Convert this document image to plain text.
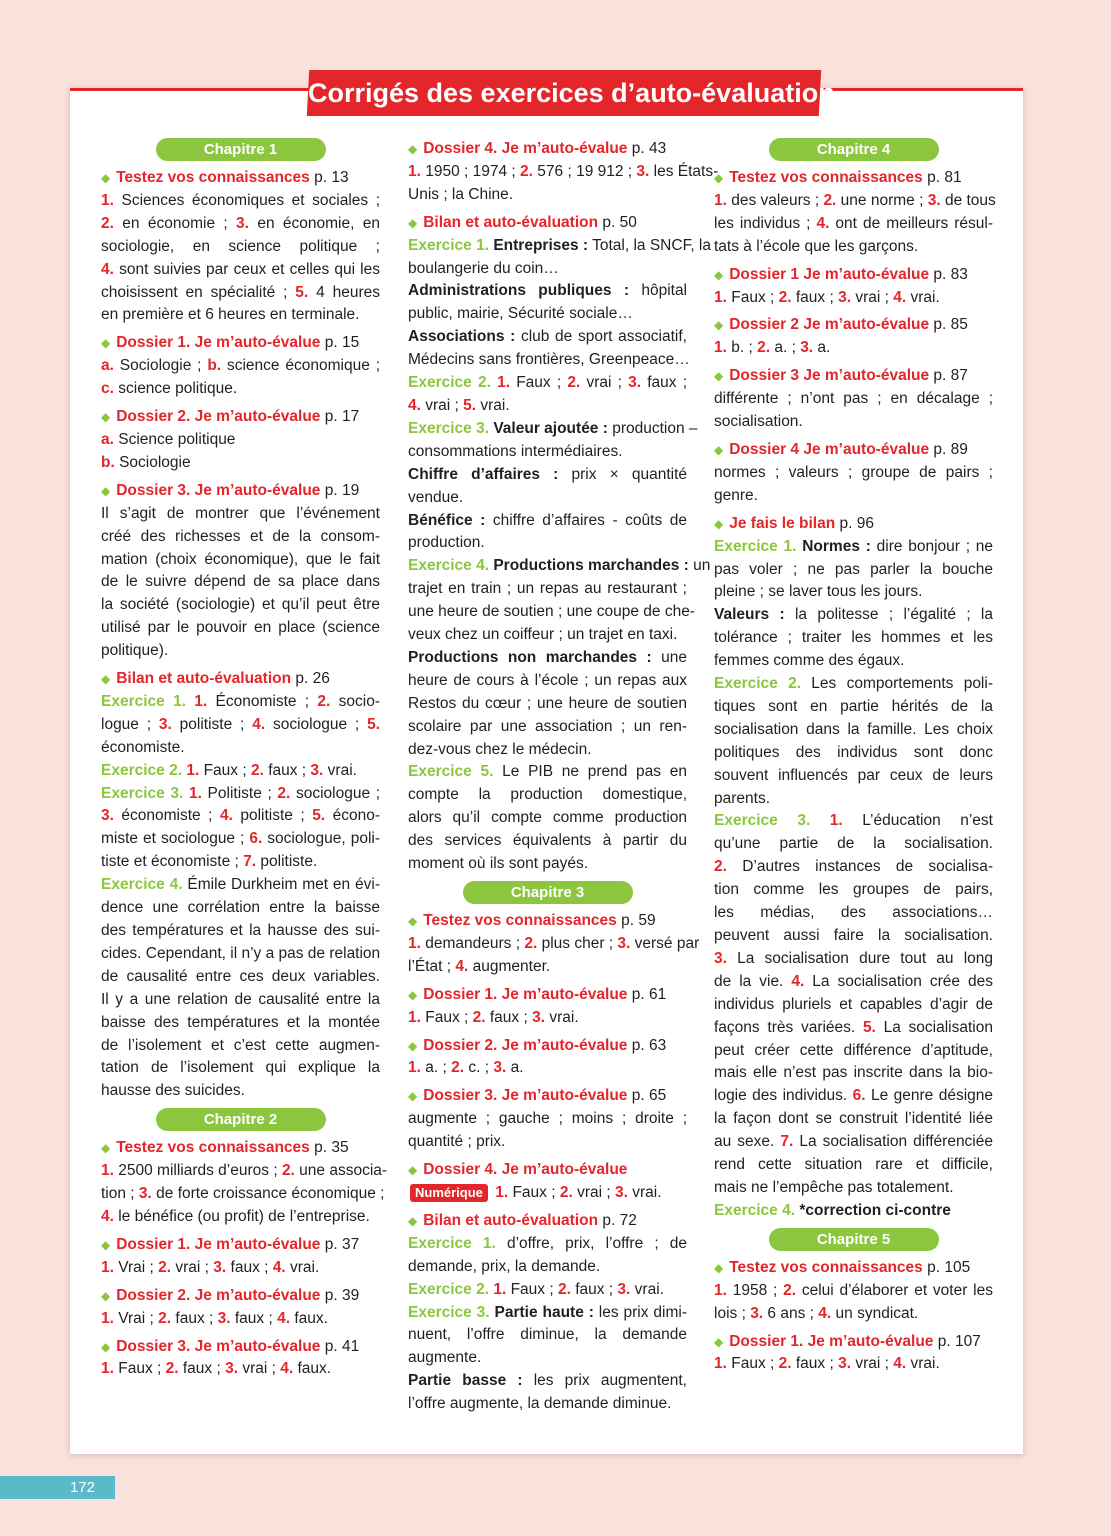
Corrigés des exercices d’auto-évaluation
Chapitre 1
◆ Testez vos connaissances p. 13
1. Sciences économiques et sociales ;
2. en économie ; 3. en économie, en
sociologie, en science politique ;
4. sont suivies par ceux et celles qui les
choisissent en spécialité ; 5. 4 heures
en première et 6 heures en terminale.
◆ Dossier 1. Je m’auto-évalue p. 15
a. Sociologie ; b. science économique ;
c. science politique.
◆ Dossier 2. Je m’auto-évalue p. 17
a. Science politique
b. Sociologie
◆ Dossier 3. Je m’auto-évalue p. 19
Il s’agit de montrer que l’événement
créé des richesses et de la consom-
mation (choix économique), que le fait
de le suivre dépend de sa place dans
la société (sociologie) et qu’il peut être
utilisé par le pouvoir en place (science
politique).
◆ Bilan et auto-évaluation p. 26
Exercice 1. 1. Économiste ; 2. socio-
logue ; 3. politiste ; 4. sociologue ; 5.
économiste.
Exercice 2. 1. Faux ; 2. faux ; 3. vrai.
Exercice 3. 1. Politiste ; 2. sociologue ;
3. économiste ; 4. politiste ; 5. écono-
miste et sociologue ; 6. sociologue, poli-
tiste et économiste ; 7. politiste.
Exercice 4. Émile Durkheim met en évi-
dence une corrélation entre la baisse
des températures et la hausse des sui-
cides. Cependant, il n’y a pas de relation
de causalité entre ces deux variables.
Il y a une relation de causalité entre la
baisse des températures et la montée
de l’isolement et c’est cette augmen-
tation de l’isolement qui explique la
hausse des suicides.
Chapitre 2
◆ Testez vos connaissances p. 35
1. 2500 milliards d’euros ; 2. une associa-
tion ; 3. de forte croissance économique ;
4. le bénéfice (ou profit) de l’entreprise.
◆ Dossier 1. Je m’auto-évalue p. 37
1. Vrai ; 2. vrai ; 3. faux ; 4. vrai.
◆ Dossier 2. Je m’auto-évalue p. 39
1. Vrai ; 2. faux ; 3. faux ; 4. faux.
◆ Dossier 3. Je m’auto-évalue p. 41
1. Faux ; 2. faux ; 3. vrai ; 4. faux.
◆ Dossier 4. Je m’auto-évalue p. 43
1. 1950 ; 1974 ; 2. 576 ; 19 912 ; 3. les États-
Unis ; la Chine.
◆ Bilan et auto-évaluation p. 50
Exercice 1. Entreprises : Total, la SNCF, la
boulangerie du coin…
Administrations publiques : hôpital
public, mairie, Sécurité sociale…
Associations : club de sport associatif,
Médecins sans frontières, Greenpeace…
Exercice 2. 1. Faux ; 2. vrai ; 3. faux ;
4. vrai ; 5. vrai.
Exercice 3. Valeur ajoutée : production –
consommations intermédiaires.
Chiffre d’affaires : prix × quantité
vendue.
Bénéfice : chiffre d’affaires - coûts de
production.
Exercice 4. Productions marchandes : un
trajet en train ; un repas au restaurant ;
une heure de soutien ; une coupe de che-
veux chez un coiffeur ; un trajet en taxi.
Productions non marchandes : une
heure de cours à l’école ; un repas aux
Restos du cœur ; une heure de soutien
scolaire par une association ; un ren-
dez-vous chez le médecin.
Exercice 5. Le PIB ne prend pas en
compte la production domestique,
alors qu’il compte comme production
des services équivalents à partir du
moment où ils sont payés.
Chapitre 3
◆ Testez vos connaissances p. 59
1. demandeurs ; 2. plus cher ; 3. versé par
l’État ; 4. augmenter.
◆ Dossier 1. Je m’auto-évalue p. 61
1. Faux ; 2. faux ; 3. vrai.
◆ Dossier 2. Je m’auto-évalue p. 63
1. a. ; 2. c. ; 3. a.
◆ Dossier 3. Je m’auto-évalue p. 65
augmente ; gauche ; moins ; droite ;
quantité ; prix.
◆ Dossier 4. Je m’auto-évalue
Numérique 1. Faux ; 2. vrai ; 3. vrai.
◆ Bilan et auto-évaluation p. 72
Exercice 1. d’offre, prix, l’offre ; de
demande, prix, la demande.
Exercice 2. 1. Faux ; 2. faux ; 3. vrai.
Exercice 3. Partie haute : les prix dimi-
nuent, l’offre diminue, la demande
augmente.
Partie basse : les prix augmentent,
l’offre augmente, la demande diminue.
Chapitre 4
◆ Testez vos connaissances p. 81
1. des valeurs ; 2. une norme ; 3. de tous
les individus ; 4. ont de meilleurs résul-
tats à l’école que les garçons.
◆ Dossier 1 Je m’auto-évalue p. 83
1. Faux ; 2. faux ; 3. vrai ; 4. vrai.
◆ Dossier 2 Je m’auto-évalue p. 85
1. b. ; 2. a. ; 3. a.
◆ Dossier 3 Je m’auto-évalue p. 87
différente ; n’ont pas ; en décalage ;
socialisation.
◆ Dossier 4 Je m’auto-évalue p. 89
normes ; valeurs ; groupe de pairs ;
genre.
◆ Je fais le bilan p. 96
Exercice 1. Normes : dire bonjour ; ne
pas voler ; ne pas parler la bouche
pleine ; se laver tous les jours.
Valeurs : la politesse ; l’égalité ; la
tolérance ; traiter les hommes et les
femmes comme des égaux.
Exercice 2. Les comportements poli-
tiques sont en partie hérités de la
socialisation dans la famille. Les choix
politiques des individus sont donc
souvent influencés par ceux de leurs
parents.
Exercice 3. 1. L’éducation n’est
qu’une partie de la socialisation.
2. D’autres instances de socialisa-
tion comme les groupes de pairs,
les médias, des associations…
peuvent aussi faire la socialisation.
3. La socialisation dure tout au long
de la vie. 4. La socialisation crée des
individus pluriels et capables d’agir de
façons très variées. 5. La socialisation
peut créer cette différence d’aptitude,
mais elle n’est pas inscrite dans la bio-
logie des individus. 6. Le genre désigne
la façon dont se construit l’identité liée
au sexe. 7. La socialisation différenciée
rend cette situation rare et difficile,
mais ne l’empêche pas totalement.
Exercice 4. *correction ci-contre
Chapitre 5
◆ Testez vos connaissances p. 105
1. 1958 ; 2. celui d’élaborer et voter les
lois ; 3. 6 ans ; 4. un syndicat.
◆ Dossier 1. Je m’auto-évalue p. 107
1. Faux ; 2. faux ; 3. vrai ; 4. vrai.
172
